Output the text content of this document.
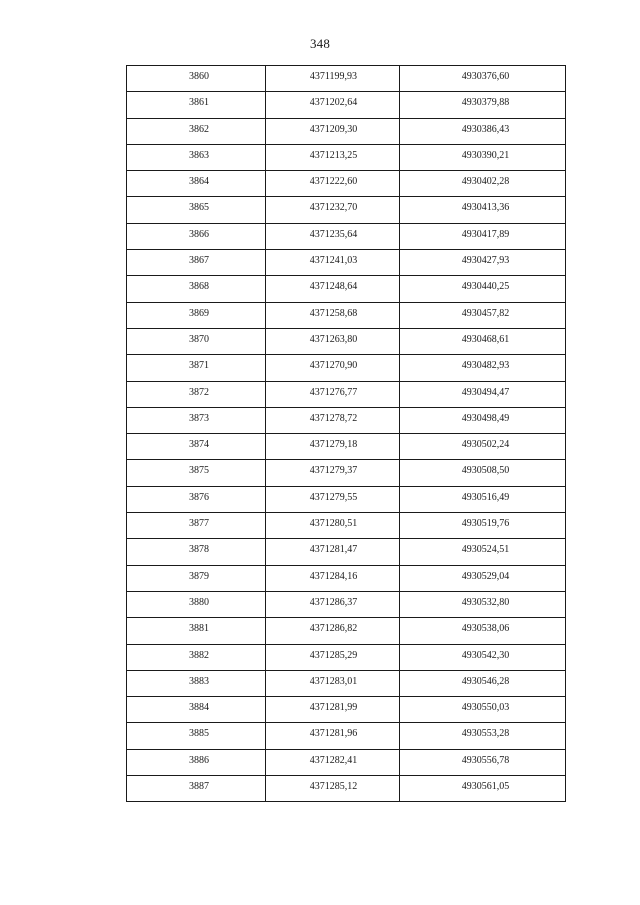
348
3860	4371199,93	4930376,60
3861	4371202,64	4930379,88
3862	4371209,30	4930386,43
3863	4371213,25	4930390,21
3864	4371222,60	4930402,28
3865	4371232,70	4930413,36
3866	4371235,64	4930417,89
3867	4371241,03	4930427,93
3868	4371248,64	4930440,25
3869	4371258,68	4930457,82
3870	4371263,80	4930468,61
3871	4371270,90	4930482,93
3872	4371276,77	4930494,47
3873	4371278,72	4930498,49
3874	4371279,18	4930502,24
3875	4371279,37	4930508,50
3876	4371279,55	4930516,49
3877	4371280,51	4930519,76
3878	4371281,47	4930524,51
3879	4371284,16	4930529,04
3880	4371286,37	4930532,80
3881	4371286,82	4930538,06
3882	4371285,29	4930542,30
3883	4371283,01	4930546,28
3884	4371281,99	4930550,03
3885	4371281,96	4930553,28
3886	4371282,41	4930556,78
3887	4371285,12	4930561,05
